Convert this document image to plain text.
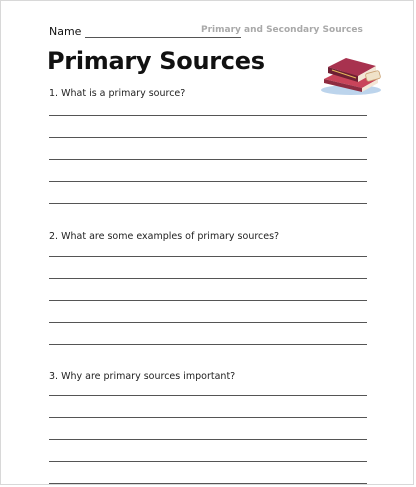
Name	Primary and Secondary Sources
Primary Sources
1. What is a primary source?
2. What are some examples of primary sources?
3. Why are primary sources important?
